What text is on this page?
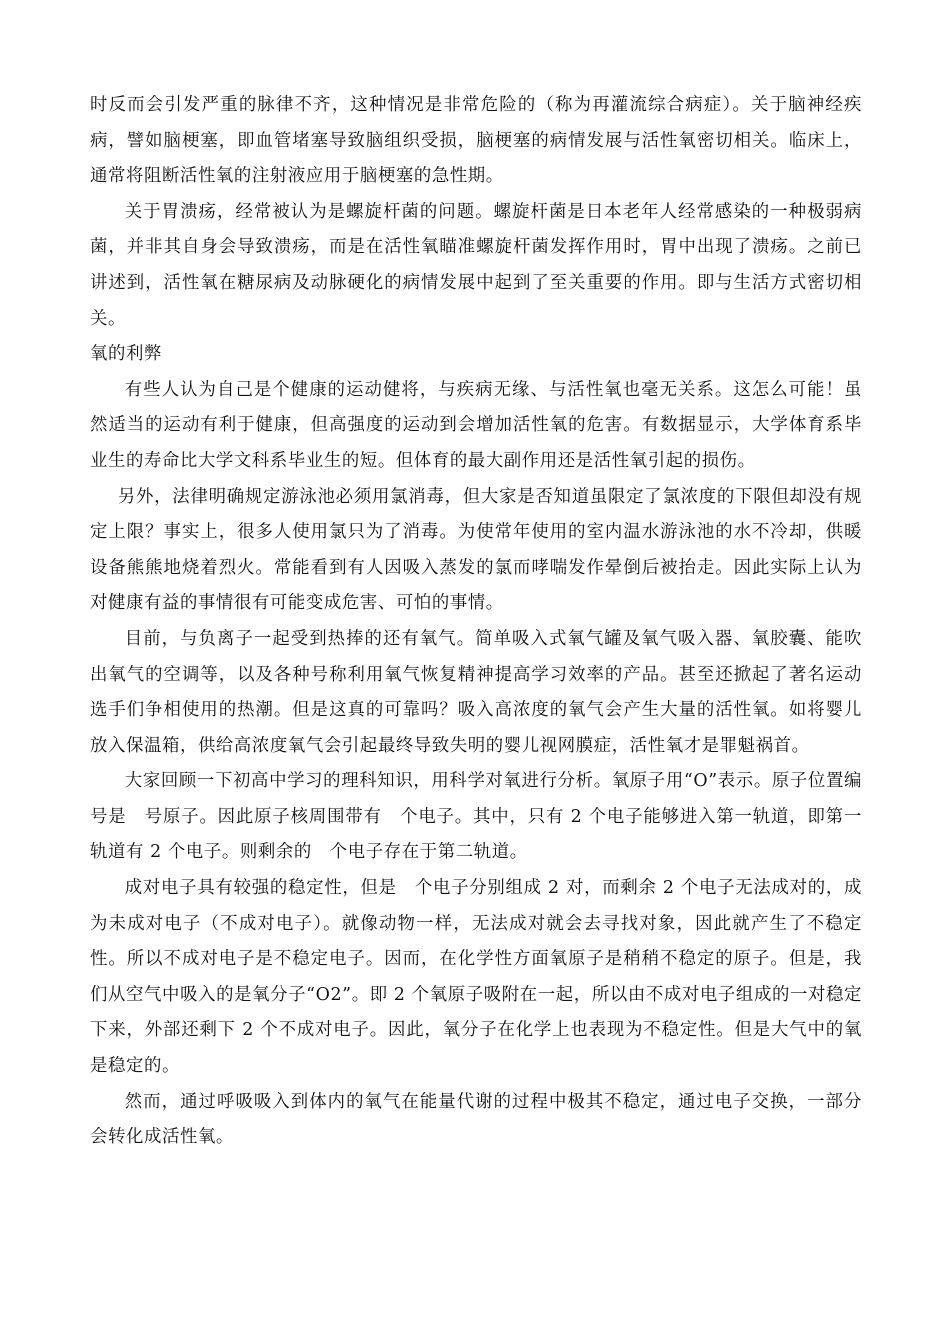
时反而会引发严重的脉律不齐，这种情况是非常危险的（称为再灌流综合病症）。关于脑神经疾病，譬如脑梗塞，即血管堵塞导致脑组织受损，脑梗塞的病情发展与活性氧密切相关。临床上，通常将阻断活性氧的注射液应用于脑梗塞的急性期。

关于胃溃疡，经常被认为是螺旋杆菌的问题。螺旋杆菌是日本老年人经常感染的一种极弱病菌，并非其自身会导致溃疡，而是在活性氧瞄准螺旋杆菌发挥作用时，胃中出现了溃疡。之前已讲述到，活性氧在糖尿病及动脉硬化的病情发展中起到了至关重要的作用。即与生活方式密切相关。

氧的利弊

有些人认为自己是个健康的运动健将，与疾病无缘、与活性氧也毫无关系。这怎么可能！虽然适当的运动有利于健康，但高强度的运动到会增加活性氧的危害。有数据显示，大学体育系毕业生的寿命比大学文科系毕业生的短。但体育的最大副作用还是活性氧引起的损伤。

另外，法律明确规定游泳池必须用氯消毒，但大家是否知道虽限定了氯浓度的下限但却没有规定上限？事实上，很多人使用氯只为了消毒。为使常年使用的室内温水游泳池的水不冷却，供暖设备熊熊地烧着烈火。常能看到有人因吸入蒸发的氯而哮喘发作晕倒后被抬走。因此实际上认为对健康有益的事情很有可能变成危害、可怕的事情。

目前，与负离子一起受到热捧的还有氧气。简单吸入式氧气罐及氧气吸入器、氧胶囊、能吹出氧气的空调等，以及各种号称利用氧气恢复精神提高学习效率的产品。甚至还掀起了著名运动选手们争相使用的热潮。但是这真的可靠吗？吸入高浓度的氧气会产生大量的活性氧。如将婴儿放入保温箱，供给高浓度氧气会引起最终导致失明的婴儿视网膜症，活性氧才是罪魁祸首。

大家回顾一下初高中学习的理科知识，用科学对氧进行分析。氧原子用“O”表示。原子位置编号是　号原子。因此原子核周围带有　个电子。其中，只有 2 个电子能够进入第一轨道，即第一轨道有 2 个电子。则剩余的　个电子存在于第二轨道。

成对电子具有较强的稳定性，但是　个电子分别组成 2 对，而剩余 2 个电子无法成对的，成为未成对电子（不成对电子）。就像动物一样，无法成对就会去寻找对象，因此就产生了不稳定性。所以不成对电子是不稳定电子。因而，在化学性方面氧原子是稍稍不稳定的原子。但是，我们从空气中吸入的是氧分子“O2”。即 2 个氧原子吸附在一起，所以由不成对电子组成的一对稳定下来，外部还剩下 2 个不成对电子。因此，氧分子在化学上也表现为不稳定性。但是大气中的氧是稳定的。

然而，通过呼吸吸入到体内的氧气在能量代谢的过程中极其不稳定，通过电子交换，一部分会转化成活性氧。
